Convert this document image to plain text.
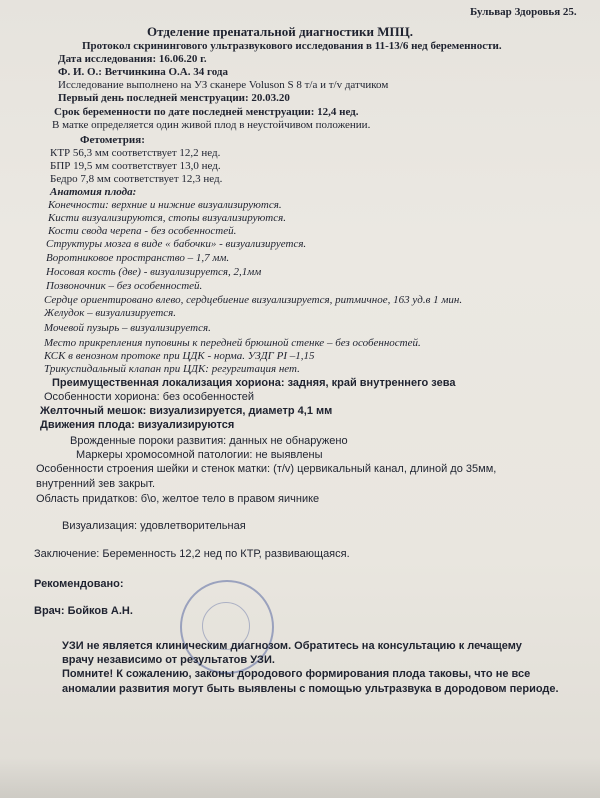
Бульвар Здоровья 25.
Отделение пренатальной диагностики МПЦ.
Протокол скринингового ультразвукового исследования в 11-13/6 нед беременности.
Дата исследования: 16.06.20 г.
Ф. И. О.: Ветчинкина О.А. 34 года
Исследование выполнено на УЗ сканере Voluson S 8 т/а и т/v датчиком
Первый день последней менструации: 20.03.20
Срок беременности по дате последней менструации: 12,4 нед.
В матке определяется один живой плод в неустойчивом положении.
Фетометрия:
КТР 56,3 мм соответствует 12,2 нед.
БПР 19,5 мм соответствует 13,0 нед.
Бедро 7,8 мм соответствует 12,3 нед.
Анатомия плода:
Конечности: верхние и нижние визуализируются.
Кисти визуализируются, стопы визуализируются.
Кости свода черепа - без особенностей.
Структуры мозга в виде « бабочки» - визуализируется.
Воротниковое пространство – 1,7 мм.
Носовая кость (две) - визуализируется, 2,1мм
Позвоночник – без особенностей.
Сердце ориентировано влево, сердцебиение визуализируется, ритмичное, 163 уд.в 1 мин.
Желудок – визуализируется.
Мочевой пузырь – визуализируется.
Место прикрепления пуповины к передней брюшной стенке – без особенностей.
КСК в венозном протоке при ЦДК - норма. УЗДГ PI –1,15
Трикуспидальный клапан при ЦДК: регургитация нет.
Преимущественная локализация хориона: задняя, край внутреннего зева
Особенности хориона: без особенностей
Желточный мешок: визуализируется, диаметр 4,1 мм
Движения плода: визуализируются
Врожденные пороки развития: данных не обнаружено
Маркеры хромосомной патологии: не выявлены
Особенности строения шейки и стенок матки: (т/v) цервикальный канал, длиной до 35мм,
внутренний зев закрыт.
Область придатков: б\о, желтое тело в правом яичнике
Визуализация: удовлетворительная
Заключение: Беременность 12,2 нед по КТР, развивающаяся.
Рекомендовано:
Врач: Бойков А.Н.
УЗИ не является клиническим диагнозом. Обратитесь на консультацию к лечащему
врачу независимо от результатов УЗИ.
Помните! К сожалению, законы дородового формирования плода таковы, что не все
аномалии развития могут быть выявлены с помощью ультразвука в дородовом периоде.
